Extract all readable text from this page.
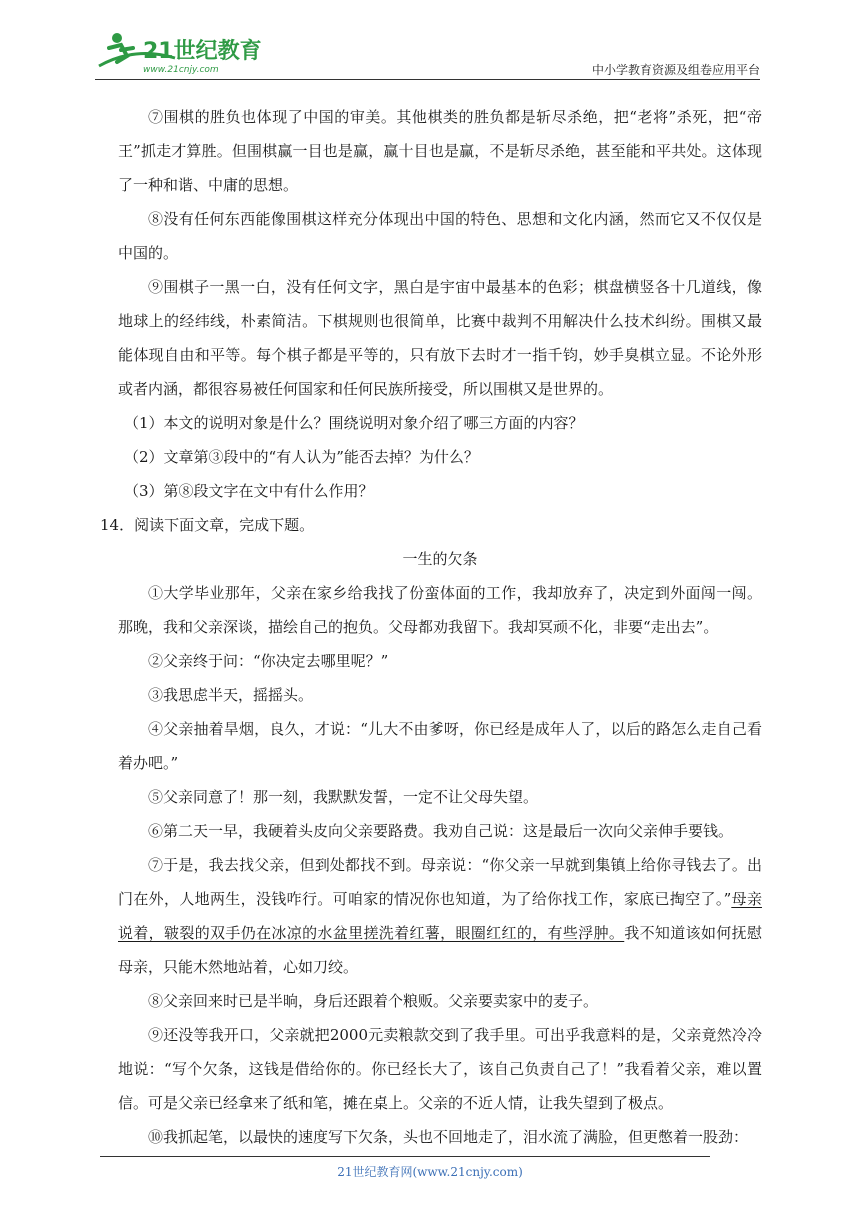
21世纪教育
www.21cnjy.com	中小学教育资源及组卷应用平台

⑦围棋的胜负也体现了中国的审美。其他棋类的胜负都是斩尽杀绝，把“老将”杀死，把“帝王”抓走才算胜。但围棋赢一目也是赢，赢十目也是赢，不是斩尽杀绝，甚至能和平共处。这体现了一种和谐、中庸的思想。

⑧没有任何东西能像围棋这样充分体现出中国的特色、思想和文化内涵，然而它又不仅仅是中国的。

⑨围棋子一黑一白，没有任何文字，黑白是宇宙中最基本的色彩；棋盘横竖各十几道线，像地球上的经纬线，朴素简洁。下棋规则也很简单，比赛中裁判不用解决什么技术纠纷。围棋又最能体现自由和平等。每个棋子都是平等的，只有放下去时才一指千钧，妙手臭棋立显。不论外形或者内涵，都很容易被任何国家和任何民族所接受，所以围棋又是世界的。

（1）本文的说明对象是什么？围绕说明对象介绍了哪三方面的内容？

（2）文章第③段中的“有人认为”能否去掉？为什么？

（3）第⑧段文字在文中有什么作用？

14．阅读下面文章，完成下题。

一生的欠条

①大学毕业那年，父亲在家乡给我找了份蛮体面的工作，我却放弃了，决定到外面闯一闯。那晚，我和父亲深谈，描绘自己的抱负。父母都劝我留下。我却冥顽不化，非要“走出去”。

②父亲终于问：“你决定去哪里呢？”

③我思虑半天，摇摇头。

④父亲抽着旱烟，良久，才说：“儿大不由爹呀，你已经是成年人了，以后的路怎么走自己看着办吧。”

⑤父亲同意了！那一刻，我默默发誓，一定不让父母失望。

⑥第二天一早，我硬着头皮向父亲要路费。我劝自己说：这是最后一次向父亲伸手要钱。

⑦于是，我去找父亲，但到处都找不到。母亲说：“你父亲一早就到集镇上给你寻钱去了。出门在外，人地两生，没钱咋行。可咱家的情况你也知道，为了给你找工作，家底已掏空了。”母亲说着，皲裂的双手仍在冰凉的水盆里搓洗着红薯，眼圈红红的，有些浮肿。我不知道该如何抚慰母亲，只能木然地站着，心如刀绞。

⑧父亲回来时已是半晌，身后还跟着个粮贩。父亲要卖家中的麦子。

⑨还没等我开口，父亲就把2000元卖粮款交到了我手里。可出乎我意料的是，父亲竟然冷冷地说：“写个欠条，这钱是借给你的。你已经长大了，该自己负责自己了！”我看着父亲，难以置信。可是父亲已经拿来了纸和笔，摊在桌上。父亲的不近人情，让我失望到了极点。

⑩我抓起笔，以最快的速度写下欠条，头也不回地走了，泪水流了满脸，但更憋着一股劲：

21世纪教育网(www.21cnjy.com)
